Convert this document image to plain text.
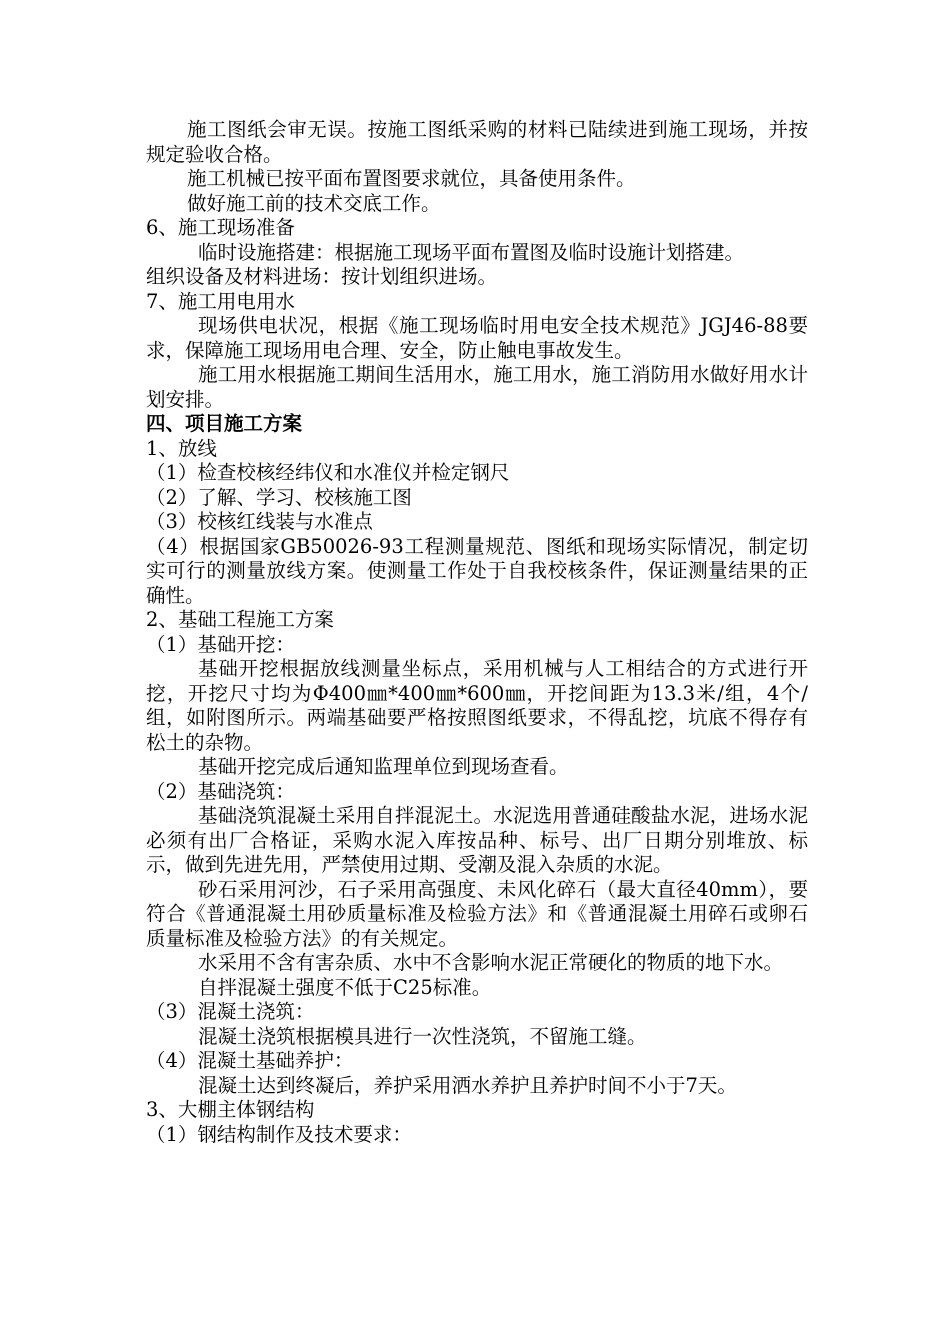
施工图纸会审无误。按施工图纸采购的材料已陆续进到施工现场，并按规定验收合格。

施工机械已按平面布置图要求就位，具备使用条件。

做好施工前的技术交底工作。

6、施工现场准备

临时设施搭建：根据施工现场平面布置图及临时设施计划搭建。

组织设备及材料进场：按计划组织进场。

7、施工用电用水

现场供电状况，根据《施工现场临时用电安全技术规范》JGJ46-88要求，保障施工现场用电合理、安全，防止触电事故发生。

施工用水根据施工期间生活用水，施工用水，施工消防用水做好用水计划安排。

四、项目施工方案

1、放线

（1）检查校核经纬仪和水准仪并检定钢尺

（2）了解、学习、校核施工图

（3）校核红线装与水准点

（4）根据国家GB50026-93工程测量规范、图纸和现场实际情况，制定切实可行的测量放线方案。使测量工作处于自我校核条件，保证测量结果的正确性。

2、基础工程施工方案

（1）基础开挖：

基础开挖根据放线测量坐标点，采用机械与人工相结合的方式进行开挖，开挖尺寸均为Φ400㎜*400㎜*600㎜，开挖间距为13.3米/组，4个/组，如附图所示。两端基础要严格按照图纸要求，不得乱挖，坑底不得存有松土的杂物。

基础开挖完成后通知监理单位到现场查看。

（2）基础浇筑：

基础浇筑混凝土采用自拌混泥土。水泥选用普通硅酸盐水泥，进场水泥必须有出厂合格证，采购水泥入库按品种、标号、出厂日期分别堆放、标示，做到先进先用，严禁使用过期、受潮及混入杂质的水泥。

砂石采用河沙，石子采用高强度、未风化碎石（最大直径40mm），要符合《普通混凝土用砂质量标准及检验方法》和《普通混凝土用碎石或卵石质量标准及检验方法》的有关规定。

水采用不含有害杂质、水中不含影响水泥正常硬化的物质的地下水。

自拌混凝土强度不低于C25标准。

（3）混凝土浇筑：

混凝土浇筑根据模具进行一次性浇筑，不留施工缝。

（4）混凝土基础养护：

混凝土达到终凝后，养护采用洒水养护且养护时间不小于7天。

3、大棚主体钢结构

（1）钢结构制作及技术要求：
